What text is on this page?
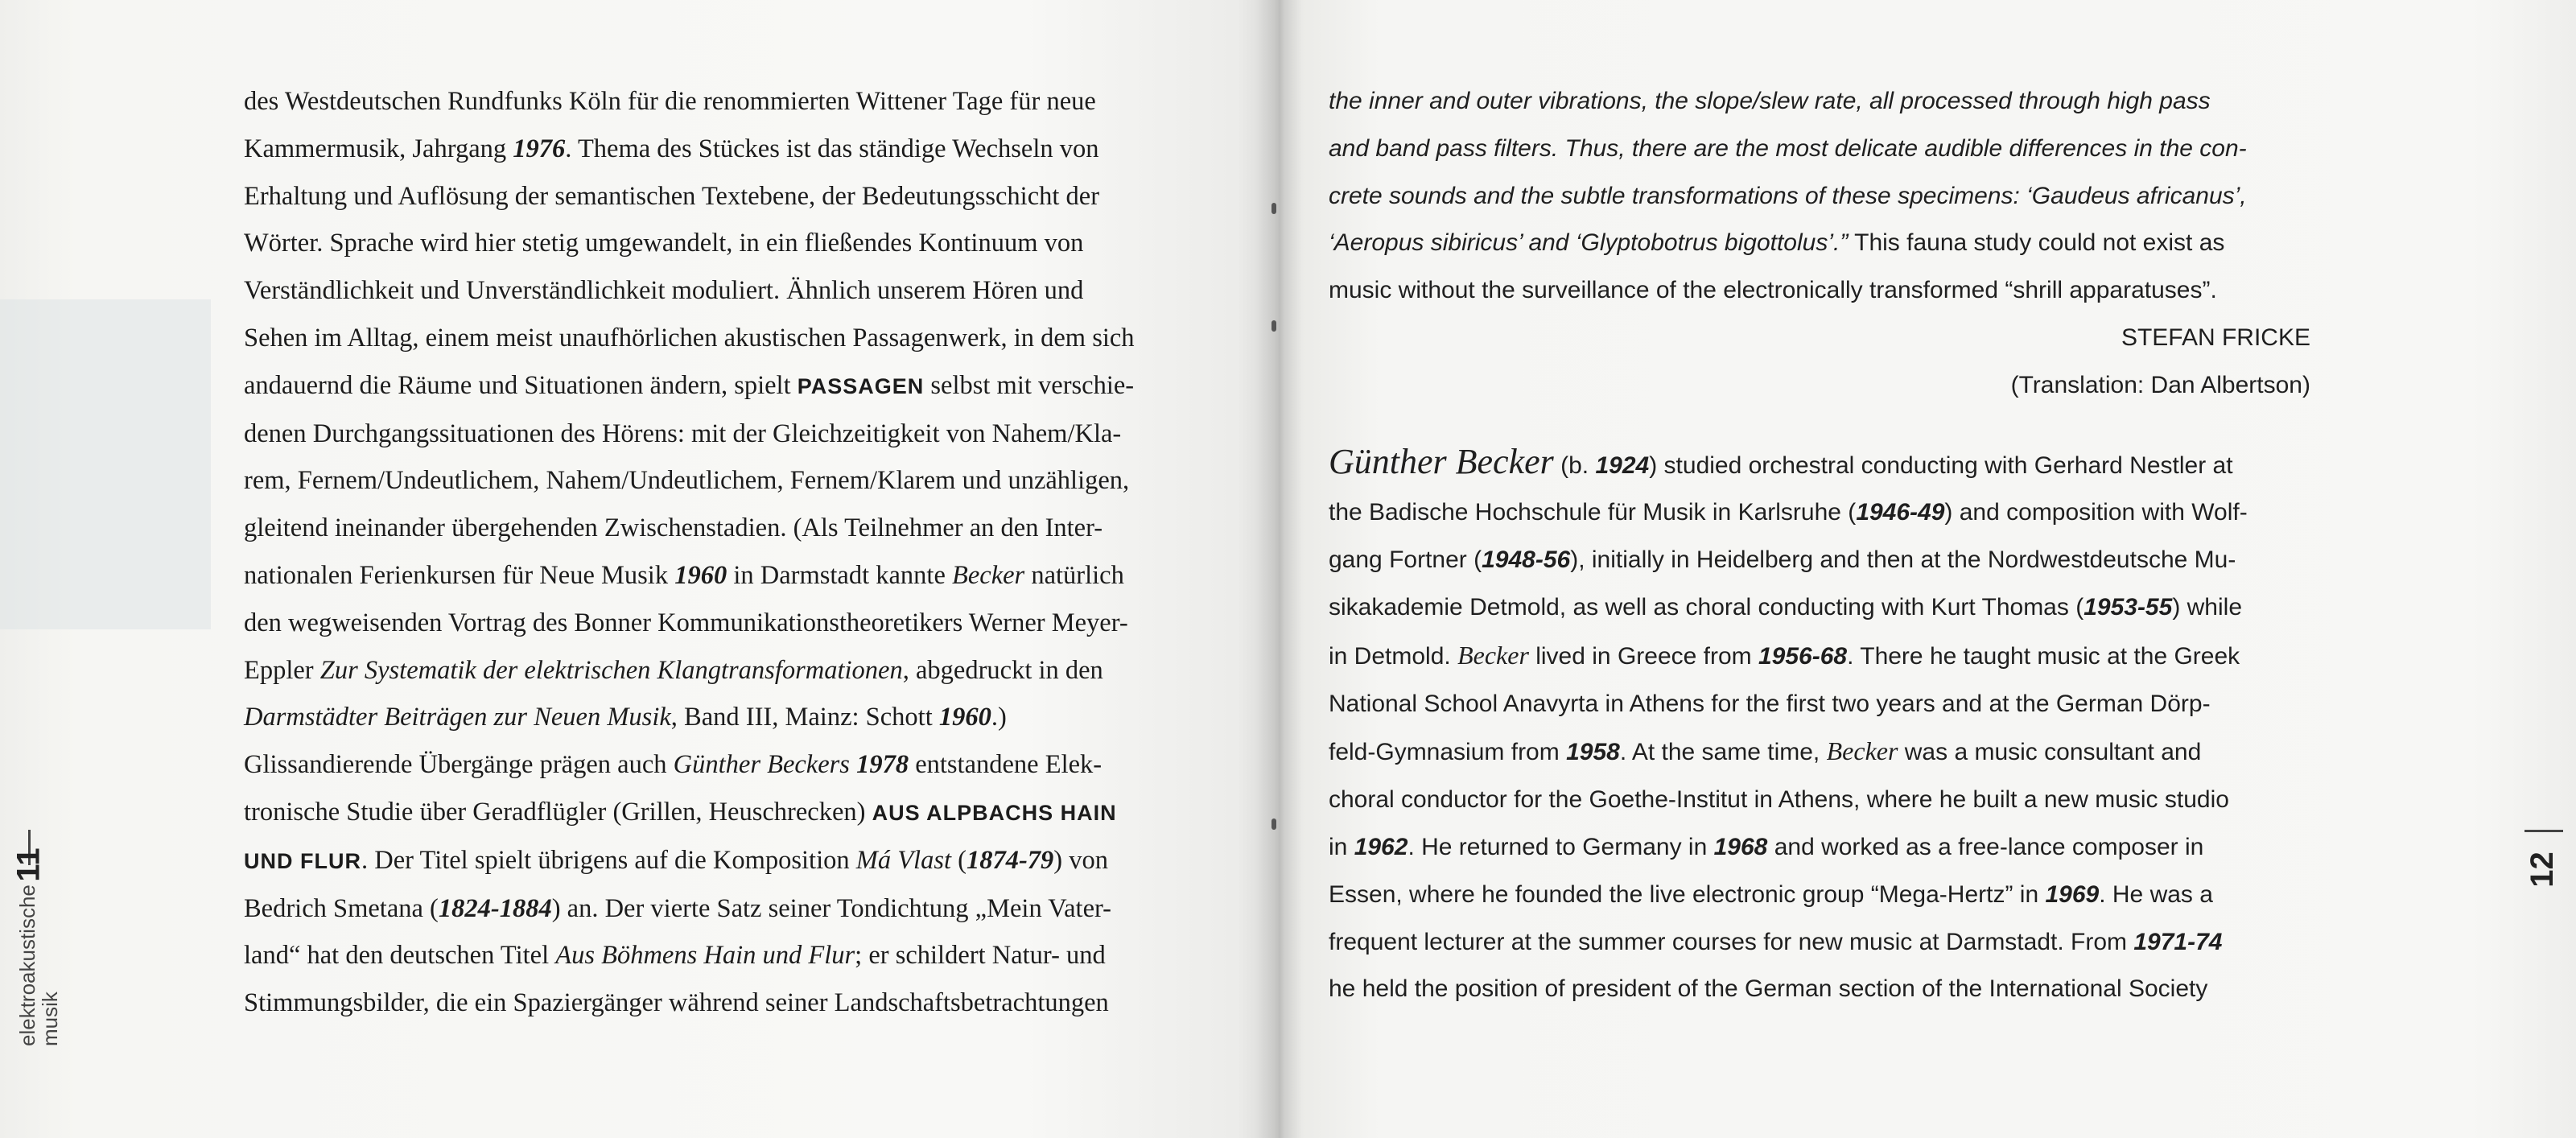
des Westdeutschen Rundfunks Köln für die renommierten Wittener Tage für neue
Kammermusik, Jahrgang 1976. Thema des Stückes ist das ständige Wechseln von
Erhaltung und Auflösung der semantischen Textebene, der Bedeutungsschicht der
Wörter. Sprache wird hier stetig umgewandelt, in ein fließendes Kontinuum von
Verständlichkeit und Unverständlichkeit moduliert. Ähnlich unserem Hören und
Sehen im Alltag, einem meist unaufhörlichen akustischen Passagenwerk, in dem sich
andauernd die Räume und Situationen ändern, spielt PASSAGEN selbst mit verschie-
denen Durchgangssituationen des Hörens: mit der Gleichzeitigkeit von Nahem/Kla-
rem, Fernem/Undeutlichem, Nahem/Undeutlichem, Fernem/Klarem und unzähligen,
gleitend ineinander übergehenden Zwischenstadien. (Als Teilnehmer an den Inter-
nationalen Ferienkursen für Neue Musik 1960 in Darmstadt kannte Becker natürlich
den wegweisenden Vortrag des Bonner Kommunikationstheoretikers Werner Meyer-
Eppler Zur Systematik der elektrischen Klangtransformationen, abgedruckt in den
Darmstädter Beiträgen zur Neuen Musik, Band III, Mainz: Schott 1960.)
Glissandierende Übergänge prägen auch Günther Beckers 1978 entstandene Elek-
tronische Studie über Geradflügler (Grillen, Heuschrecken) AUS ALPBACHS HAIN
UND FLUR. Der Titel spielt übrigens auf die Komposition Má Vlast (1874-79) von
Bedrich Smetana (1824-1884) an. Der vierte Satz seiner Tondichtung „Mein Vater-
land“ hat den deutschen Titel Aus Böhmens Hain und Flur; er schildert Natur- und
Stimmungsbilder, die ein Spaziergänger während seiner Landschaftsbetrachtungen
11
elektroakustische
musik
the inner and outer vibrations, the slope/slew rate, all processed through high pass
and band pass filters. Thus, there are the most delicate audible differences in the con-
crete sounds and the subtle transformations of these specimens: ‘Gaudeus africanus’,
‘Aeropus sibiricus’ and ‘Glyptobotrus bigottolus’.” This fauna study could not exist as
music without the surveillance of the electronically transformed “shrill apparatuses”.
STEFAN FRICKE
(Translation: Dan Albertson)
Günther Becker (b. 1924) studied orchestral conducting with Gerhard Nestler at
the Badische Hochschule für Musik in Karlsruhe (1946-49) and composition with Wolf-
gang Fortner (1948-56), initially in Heidelberg and then at the Nordwestdeutsche Mu-
sikakademie Detmold, as well as choral conducting with Kurt Thomas (1953-55) while
in Detmold. Becker lived in Greece from 1956-68. There he taught music at the Greek
National School Anavyrta in Athens for the first two years and at the German Dörp-
feld-Gymnasium from 1958. At the same time, Becker was a music consultant and
choral conductor for the Goethe-Institut in Athens, where he built a new music studio
in 1962. He returned to Germany in 1968 and worked as a free-lance composer in
Essen, where he founded the live electronic group “Mega-Hertz” in 1969. He was a
frequent lecturer at the summer courses for new music at Darmstadt. From 1971-74
he held the position of president of the German section of the International Society
12
